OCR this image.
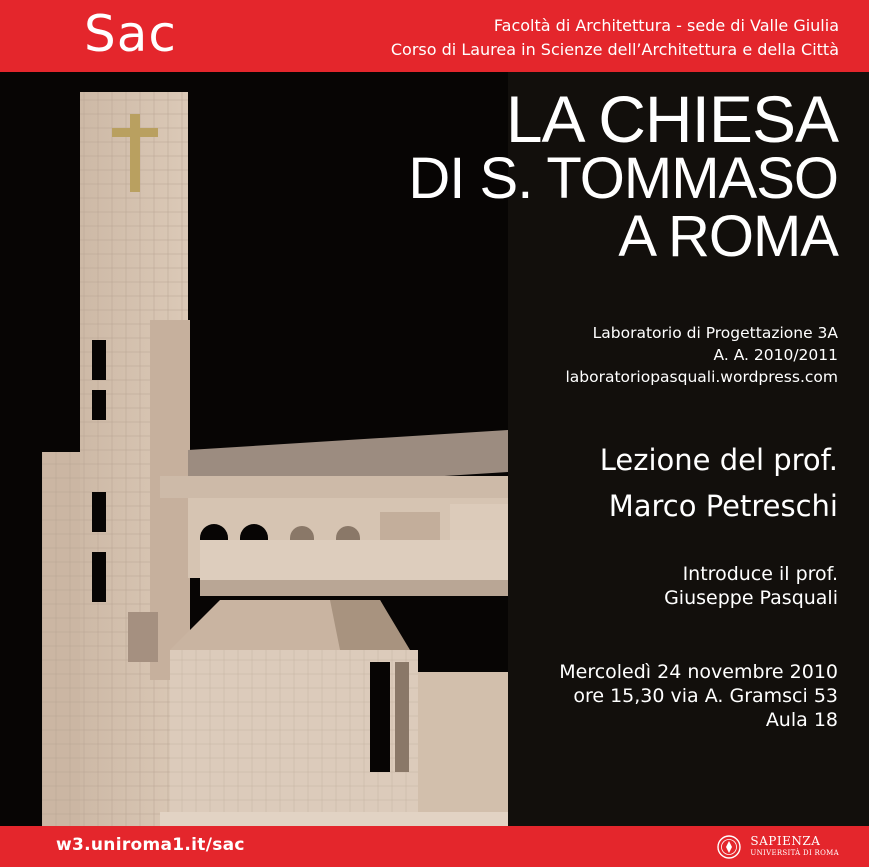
Sac	Facoltà di Architettura - sede di Valle Giulia
Corso di Laurea in Scienze dell’Architettura e della Città
LA CHIESA
DI S. TOMMASO
A ROMA
Laboratorio di Progettazione 3A
A. A. 2010/2011
laboratoriopasquali.wordpress.com
Lezione del prof.
Marco Petreschi
Introduce il prof.
Giuseppe Pasquali
Mercoledì 24 novembre 2010
ore 15,30 via A. Gramsci 53
Aula 18
w3.uniroma1.it/sac	SAPIENZA
UNIVERSITÀ DI ROMA
